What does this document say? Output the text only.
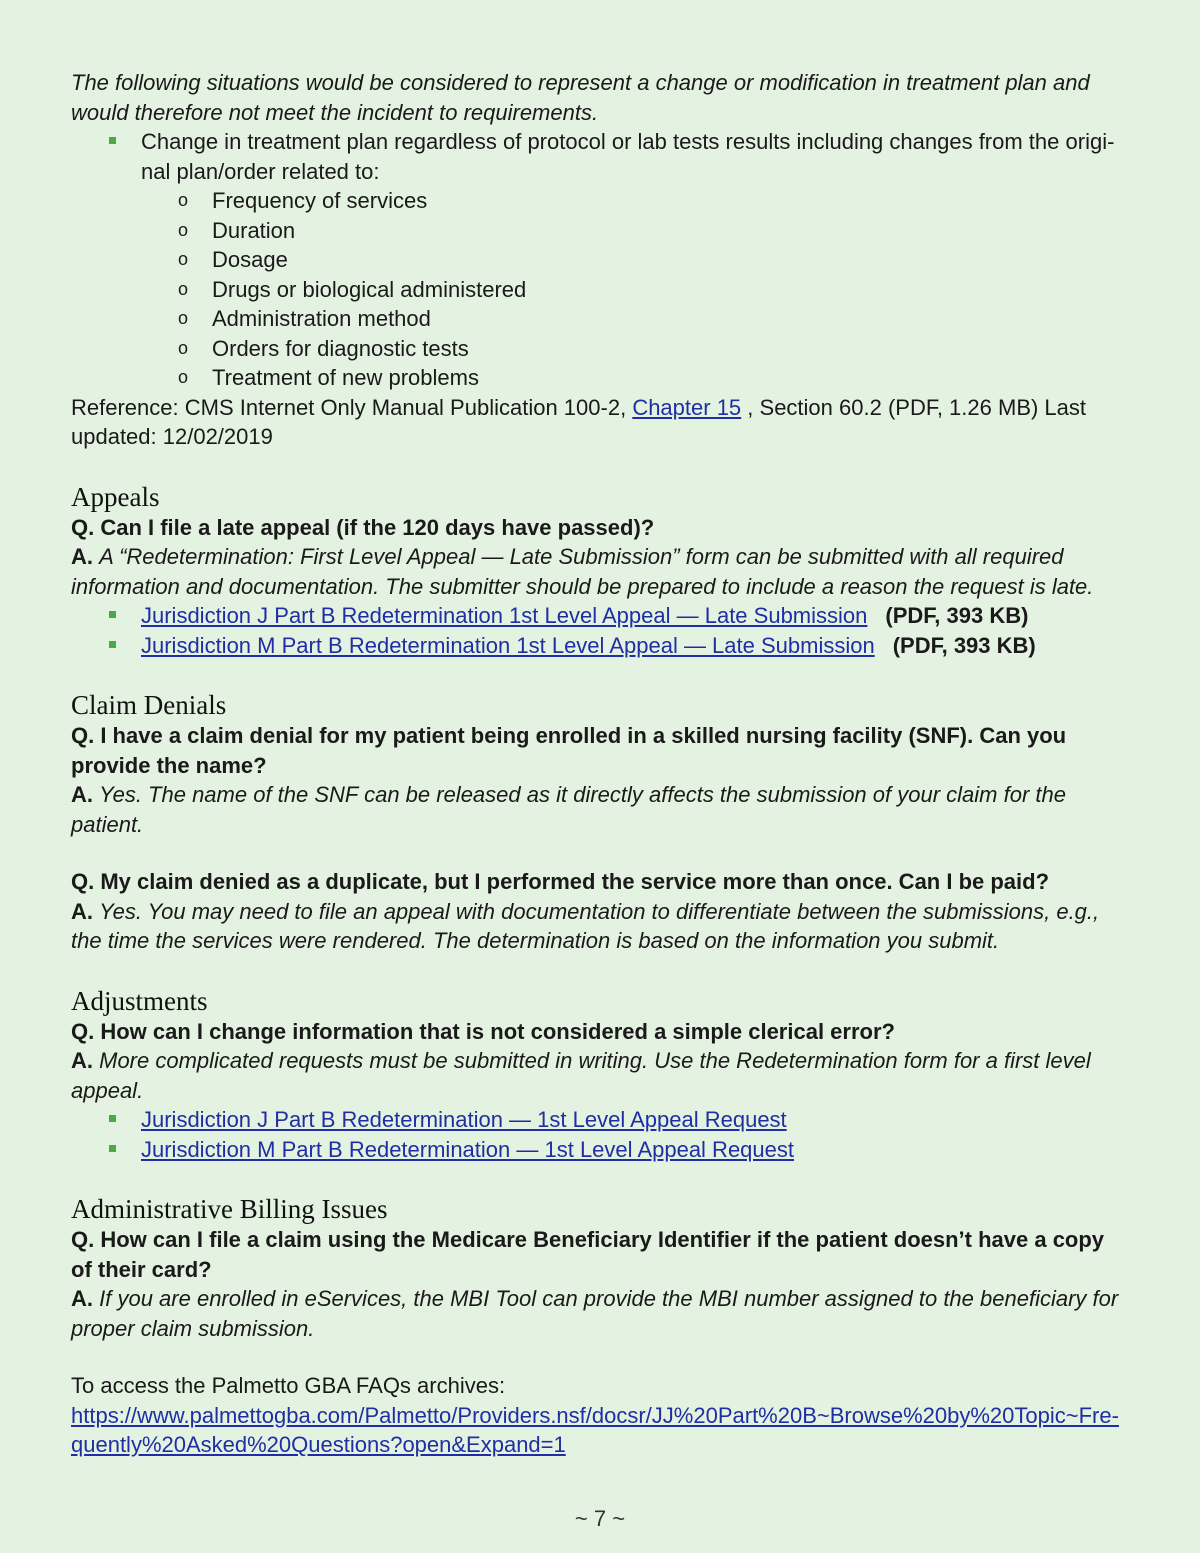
The following situations would be considered to represent a change or modification in treatment plan and would therefore not meet the incident to requirements.
Change in treatment plan regardless of protocol or lab tests results including changes from the origi-nal plan/order related to:
o Frequency of services
o Duration
o Dosage
o Drugs or biological administered
o Administration method
o Orders for diagnostic tests
o Treatment of new problems
Reference: CMS Internet Only Manual Publication 100-2, Chapter 15 , Section 60.2 (PDF, 1.26 MB) Last updated: 12/02/2019
Appeals
Q. Can I file a late appeal (if the 120 days have passed)?
A. A “Redetermination: First Level Appeal — Late Submission” form can be submitted with all required information and documentation. The submitter should be prepared to include a reason the request is late.
Jurisdiction J Part B Redetermination 1st Level Appeal — Late Submission (PDF, 393 KB)
Jurisdiction M Part B Redetermination 1st Level Appeal — Late Submission (PDF, 393 KB)
Claim Denials
Q. I have a claim denial for my patient being enrolled in a skilled nursing facility (SNF). Can you provide the name?
A. Yes. The name of the SNF can be released as it directly affects the submission of your claim for the patient.
Q. My claim denied as a duplicate, but I performed the service more than once. Can I be paid?
A. Yes. You may need to file an appeal with documentation to differentiate between the submissions, e.g., the time the services were rendered. The determination is based on the information you submit.
Adjustments
Q. How can I change information that is not considered a simple clerical error?
A. More complicated requests must be submitted in writing. Use the Redetermination form for a first level appeal.
Jurisdiction J Part B Redetermination — 1st Level Appeal Request
Jurisdiction M Part B Redetermination — 1st Level Appeal Request
Administrative Billing Issues
Q. How can I file a claim using the Medicare Beneficiary Identifier if the patient doesn’t have a copy of their card?
A. If you are enrolled in eServices, the MBI Tool can provide the MBI number assigned to the beneficiary for proper claim submission.
To access the Palmetto GBA FAQs archives:
https://www.palmettogba.com/Palmetto/Providers.nsf/docsr/JJ%20Part%20B~Browse%20by%20Topic~Fre-quently%20Asked%20Questions?open&Expand=1
~ 7 ~
